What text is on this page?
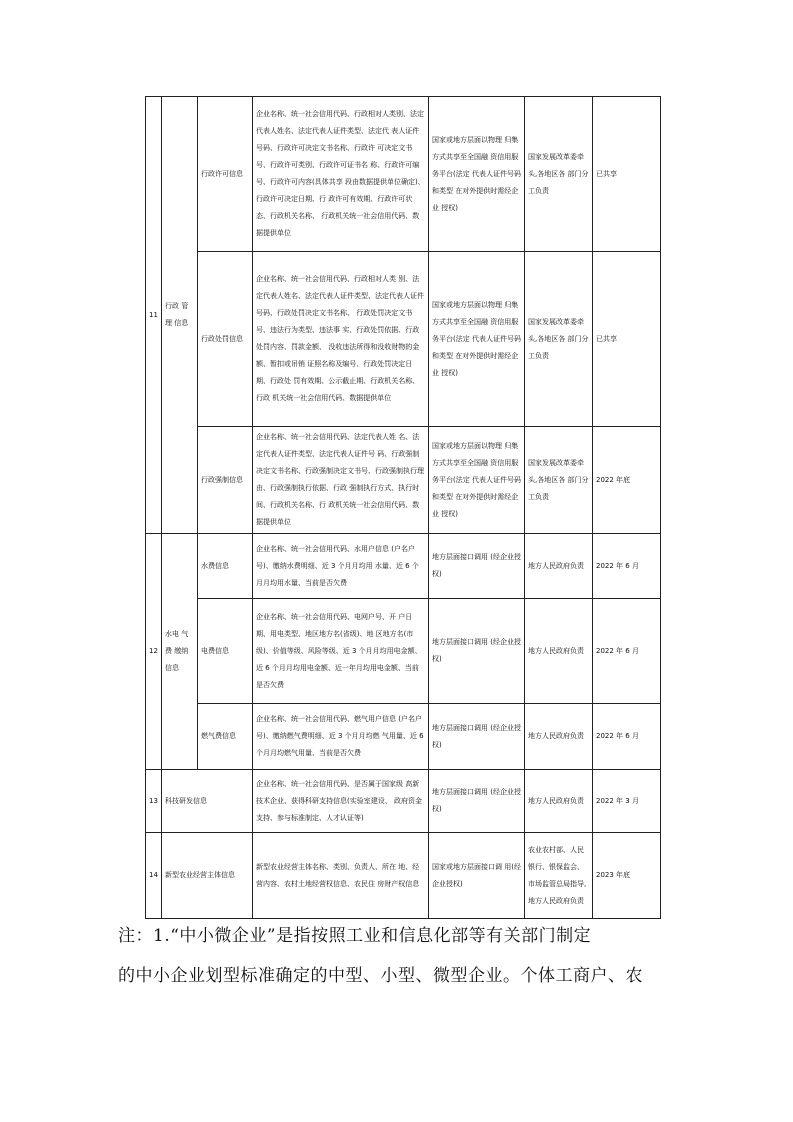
11	行政 管理 信息	行政许可信息	企业名称、统一社会信用代码、行政相对人类别、法定代表人姓名、法定代表人证件类型、法定代 表人证件号码、行政许可决定文书名称、行政许 可决定文书号、行政许可类别、行政许可证书名 称、行政许可编号、行政许可内容(具体共享 段由数据提供单位确定)、行政许可决定日期、行 政许可有效期、行政许可状态、行政机关名称、 行政机关统一社会信用代码、数据提供单位	国家或地方层面以物理 归集方式共享至全国融 资信用服务平台(法定 代表人证件号码和类型 在对外提供时需经企业 授权)	国家发展改革委牵头,各地区各 部门分工负责	已共享
		行政处罚信息	企业名称、统一社会信用代码、行政相对人类 别、法定代表人姓名、法定代表人证件类型、法定代表人证件号码、行政处罚决定文书名称、 行政处罚决定文书号、违法行为类型、违法事 实、行政处罚依据、行政处罚内容、罚款金额、 没收违法所得和没收财物的金额、暂扣或吊销 证照名称及编号、行政处罚决定日期、行政处 罚有效期、公示截止期、行政机关名称、行政 机关统一社会信用代码、数据提供单位	国家或地方层面以物理 归集方式共享至全国融 资信用服务平台(法定 代表人证件号码和类型 在对外提供时需经企业 授权)	国家发展改革委牵头,各地区各 部门分工负责	已共享
		行政强制信息	企业名称、统一社会信用代码、法定代表人姓 名、法定代表人证件类型、法定代表人证件号 码、行政强制决定文书名称、行政强制决定文书号、行政强制执行理由、行政强制执行依据、行政 强制执行方式、执行时间、行政机关名称、行 政机关统一社会信用代码、数据提供单位	国家或地方层面以物理 归集方式共享至全国融 资信用服务平台(法定 代表人证件号码和类型 在对外提供时需经企业 授权)	国家发展改革委牵头,各地区各 部门分工负责	2022 年底
12	水电 气 费 缴纳 信息	水费信息	企业名称、统一社会信用代码、水用户信息 (户名户号)、缴纳水费明细、近 3 个月月均用 水量、近 6 个月月均用水量、当前是否欠费	地方层面接口调用 (经企业授权)	地方人民政府负责	2022 年 6 月
		电费信息	企业名称、统一社会信用代码、电网户号、开 户日期、用电类型、地区地方名(省级)、地 区地方名(市级)、价值等级、风险等级、近 3 个月月均用电金额、近 6 个月月均用电金额、近一年月均用电金额、当前是否欠费	地方层面接口调用 (经企业授权)	地方人民政府负责	2022 年 6 月
		燃气费信息	企业名称、统一社会信用代码、燃气用户信息 (户名户号)、缴纳燃气费明细、近 3 个月月均燃 气用量、近 6 个月月均燃气用量、当前是否欠费	地方层面接口调用 (经企业授权)	地方人民政府负责	2022 年 6 月
13	科技研发信息		企业名称、统一社会信用代码、是否属于国家级 高新技术企业、获得科研支持信息(实验室建设、 政府资金支持、参与标准制定、人才认证等)	地方层面接口调用 (经企业授权)	地方人民政府负责	2022 年 3 月
14	新型农业经营主体信息		新型农业经营主体名称、类别、负责人、所在 地、经营内容、农村土地经营权信息、农民住 房财产权信息	国家或地方层面接口调 用(经企业授权)	农业农村部、人民 银行、银保监会、 市场监管总局指导, 地方人民政府负责	2023 年底
注：1.“中小微企业”是指按照工业和信息化部等有关部门制定
的中小企业划型标准确定的中型、小型、微型企业。个体工商户、农
